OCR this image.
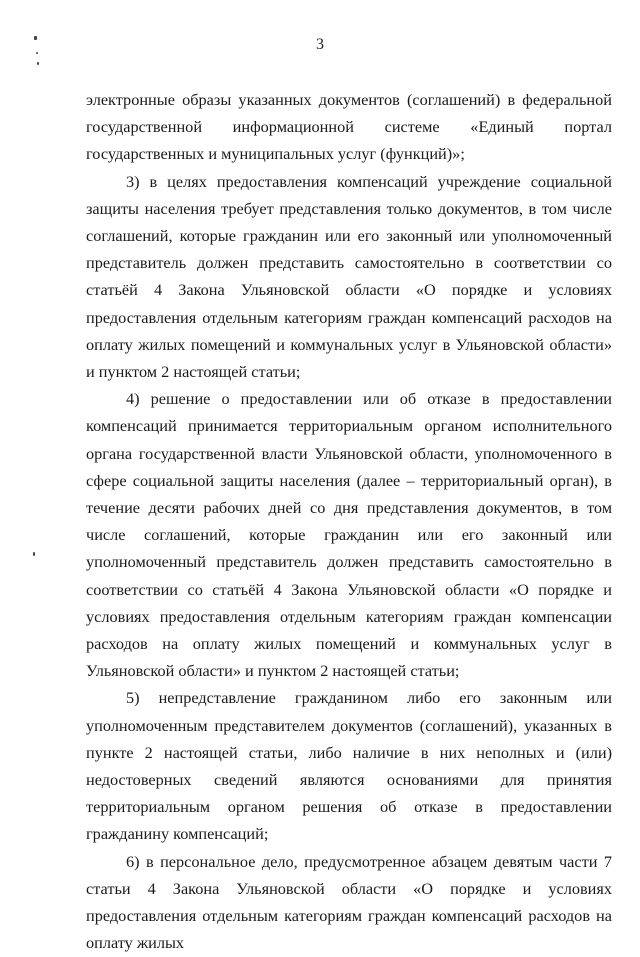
3

электронные образы указанных документов (соглашений) в федеральной государственной информационной системе «Единый портал государственных и муниципальных услуг (функций)»;

3) в целях предоставления компенсаций учреждение социальной защиты населения требует представления только документов, в том числе соглашений, которые гражданин или его законный или уполномоченный представитель должен представить самостоятельно в соответствии со статьёй 4 Закона Ульяновской области «О порядке и условиях предоставления отдельным категориям граждан компенсаций расходов на оплату жилых помещений и коммунальных услуг в Ульяновской области» и пунктом 2 настоящей статьи;

4) решение о предоставлении или об отказе в предоставлении компенсаций принимается территориальным органом исполнительного органа государственной власти Ульяновской области, уполномоченного в сфере социальной защиты населения (далее – территориальный орган), в течение десяти рабочих дней со дня представления документов, в том числе соглашений, которые гражданин или его законный или уполномоченный представитель должен представить самостоятельно в соответствии со статьёй 4 Закона Ульяновской области «О порядке и условиях предоставления отдельным категориям граждан компенсации расходов на оплату жилых помещений и коммунальных услуг в Ульяновской области» и пунктом 2 настоящей статьи;

5) непредставление гражданином либо его законным или уполномоченным представителем документов (соглашений), указанных в пункте 2 настоящей статьи, либо наличие в них неполных и (или) недостоверных сведений являются основаниями для принятия территориальным органом решения об отказе в предоставлении гражданину компенсаций;

6) в персональное дело, предусмотренное абзацем девятым части 7 статьи 4 Закона Ульяновской области «О порядке и условиях предоставления отдельным категориям граждан компенсаций расходов на оплату жилых
